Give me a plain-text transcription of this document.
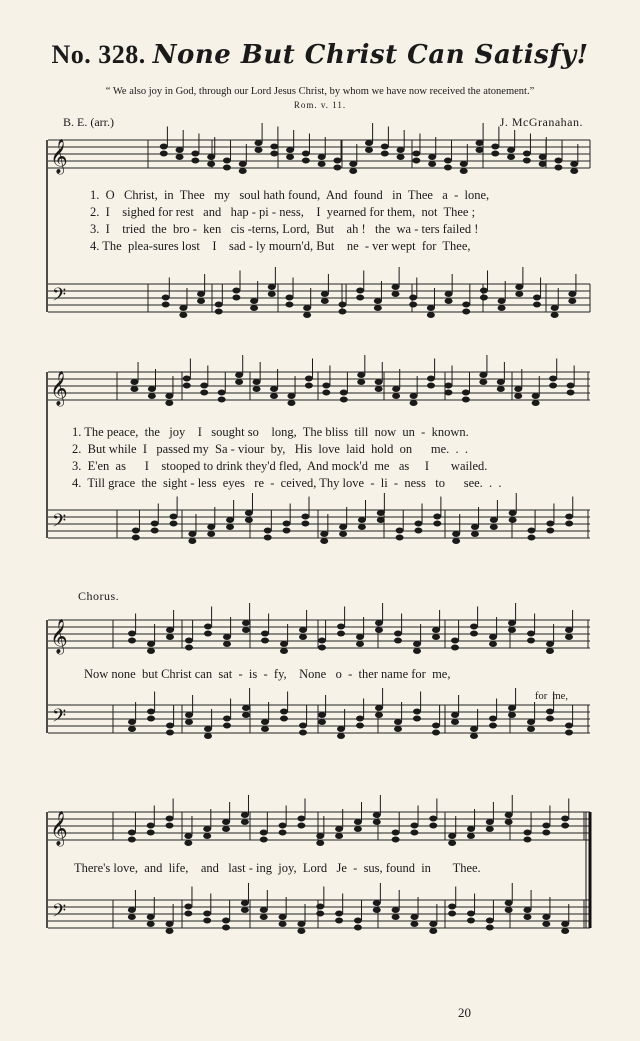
No. 328. None But Christ Can Satisfy!
“ We also joy in God, through our Lord Jesus Christ, by whom we have now received the atonement.”
Rom. v. 11.
B. E. (arr.)	J. McGranahan.
𝄞
𝄢
𝄞
𝄢
𝄞
𝄢
𝄞
𝄢
1.  O   Christ,  in  Thee   my   soul hath found,  And  found   in  Thee   a  -  lone,
2.  I    sighed for rest   and   hap - pi - ness,    I  yearned for them,  not  Thee ;
3.  I    tried  the  bro -  ken   cis -terns, Lord,  But    ah !   the  wa - ters failed !
4. The  plea-sures lost    I    sad - ly mourn'd, But    ne  - ver wept  for  Thee,
1. The peace,  the   joy    I   sought so    long,  The bliss  till  now  un  -  known.
2.  But while  I   passed my  Sa - viour  by,   His  love  laid  hold  on      me.  .  .
3.  E'en  as      I    stooped to drink they'd fled,  And mock'd  me   as     I       wailed.
4.  Till grace  the  sight - less  eyes   re  -  ceived, Thy love  -  li  -  ness   to      see.  .  .
Chorus.
Now none  but Christ can  sat  -  is  -  fy,    None   o  -  ther name for  me,
for  me,
There's love,  and  life,    and   last - ing  joy,  Lord   Je  -  sus, found  in       Thee.
20
